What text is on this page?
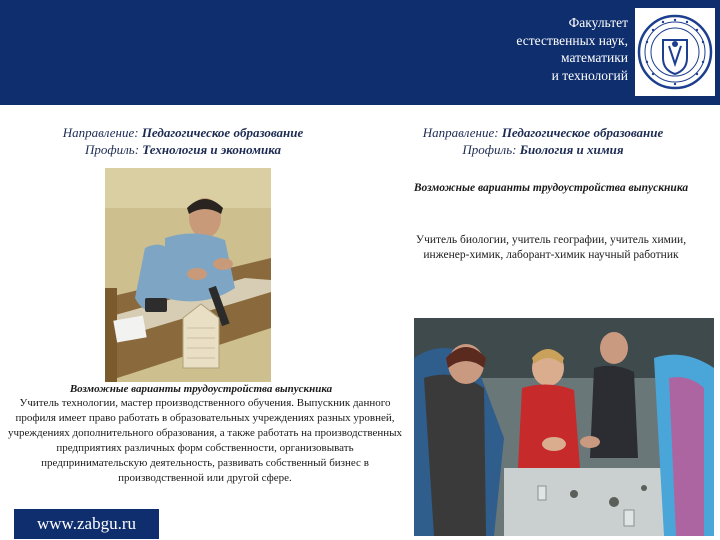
Факультет
естественных наук,
математики
и технологий
Направление: Педагогическое образование
Профиль: Технология и экономика
Направление: Педагогическое образование
Профиль: Биология и химия
Возможные варианты трудоустройства выпускника
Учитель биологии, учитель географии, учитель химии, инженер-химик, лаборант-химик научный работник
Возможные варианты трудоустройства выпускника
Учитель технологии, мастер производственного обучения. Выпускник данного профиля имеет право работать в образовательных учреждениях разных уровней, учреждениях дополнительного образования, а также работать на производственных предприятиях различных форм собственности, организовывать предпринимательскую деятельность, развивать собственный бизнес в производственной или другой сфере.
www.zabgu.ru
